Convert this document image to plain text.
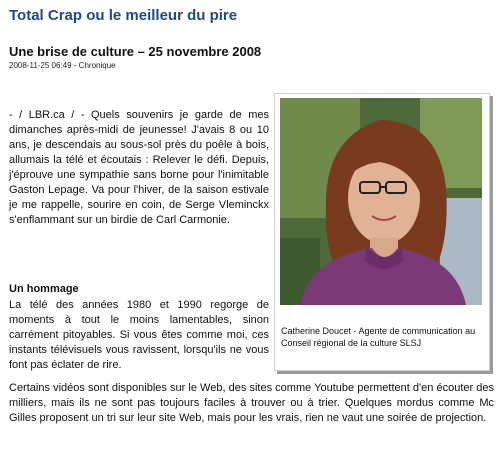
Total Crap ou le meilleur du pire
Une brise de culture – 25 novembre 2008
2008-11-25 06:49 - Chronique

- / LBR.ca / - Quels souvenirs je garde de mes dimanches après-midi de jeunesse! J'avais 8 ou 10 ans, je descendais au sous-sol près du poêle à bois, allumais la télé et écoutais : Relever le défi. Depuis, j'éprouve une sympathie sans borne pour l'inimitable Gaston Lepage. Va pour l'hiver, de la saison estivale je me rappelle, sourire en coin, de Serge Vleminckx s'enflammant sur un birdie de Carl Carmonie.

Catherine Doucet - Agente de communication au Conseil régional de la culture SLSJ
Un hommage

La télé des années 1980 et 1990 regorge de moments à tout le moins lamentables, sinon carrément pitoyables. Si vous êtes comme moi, ces instants télévisuels vous ravissent, lorsqu'ils ne vous font pas éclater de rire.

Certains vidéos sont disponibles sur le Web, des sites comme Youtube permettent d'en écouter des milliers, mais ils ne sont pas toujours faciles à trouver ou à trier. Quelques mordus comme Mc Gilles proposent un tri sur leur site Web, mais pour les vrais, rien ne vaut une soirée de projection.
